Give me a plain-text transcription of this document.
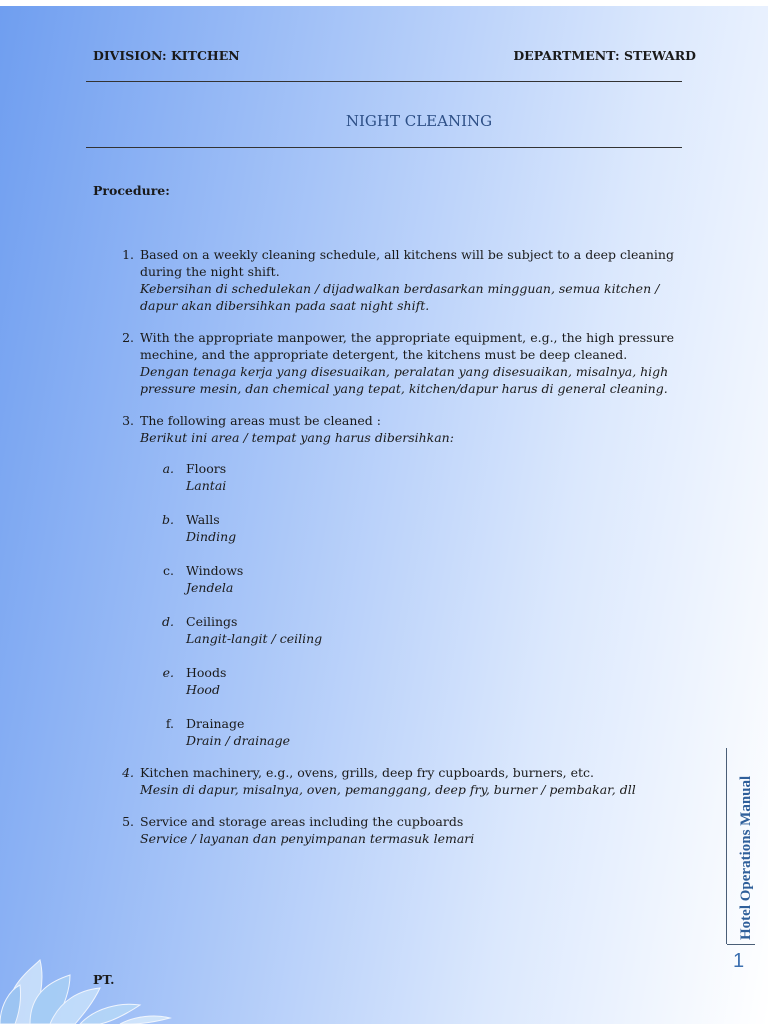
DIVISION: KITCHEN	DEPARTMENT: STEWARD
NIGHT CLEANING
Procedure:
1. Based on a weekly cleaning schedule, all kitchens will be subject to a deep cleaning during the night shift.
Kebersihan di schedulekan / dijadwalkan berdasarkan mingguan, semua kitchen / dapur akan dibersihkan pada saat night shift.
2. With the appropriate manpower, the appropriate equipment, e.g., the high pressure mechine, and the appropriate detergent, the kitchens must be deep cleaned.
Dengan tenaga kerja yang disesuaikan, peralatan yang disesuaikan, misalnya, high pressure mesin, dan chemical yang tepat, kitchen/dapur harus di general cleaning.
3. The following areas must be cleaned :
Berikut ini area / tempat yang harus dibersihkan:
a. Floors
Lantai
b. Walls
Dinding
c. Windows
Jendela
d. Ceilings
Langit-langit / ceiling
e. Hoods
Hood
f. Drainage
Drain / drainage
4. Kitchen machinery, e.g., ovens, grills, deep fry cupboards, burners, etc.
Mesin di dapur, misalnya, oven, pemanggang, deep fry, burner / pembakar, dll
5. Service and storage areas including the cupboards
Service / layanan dan penyimpanan termasuk lemari	Hotel Operations Manual
1
PT.
